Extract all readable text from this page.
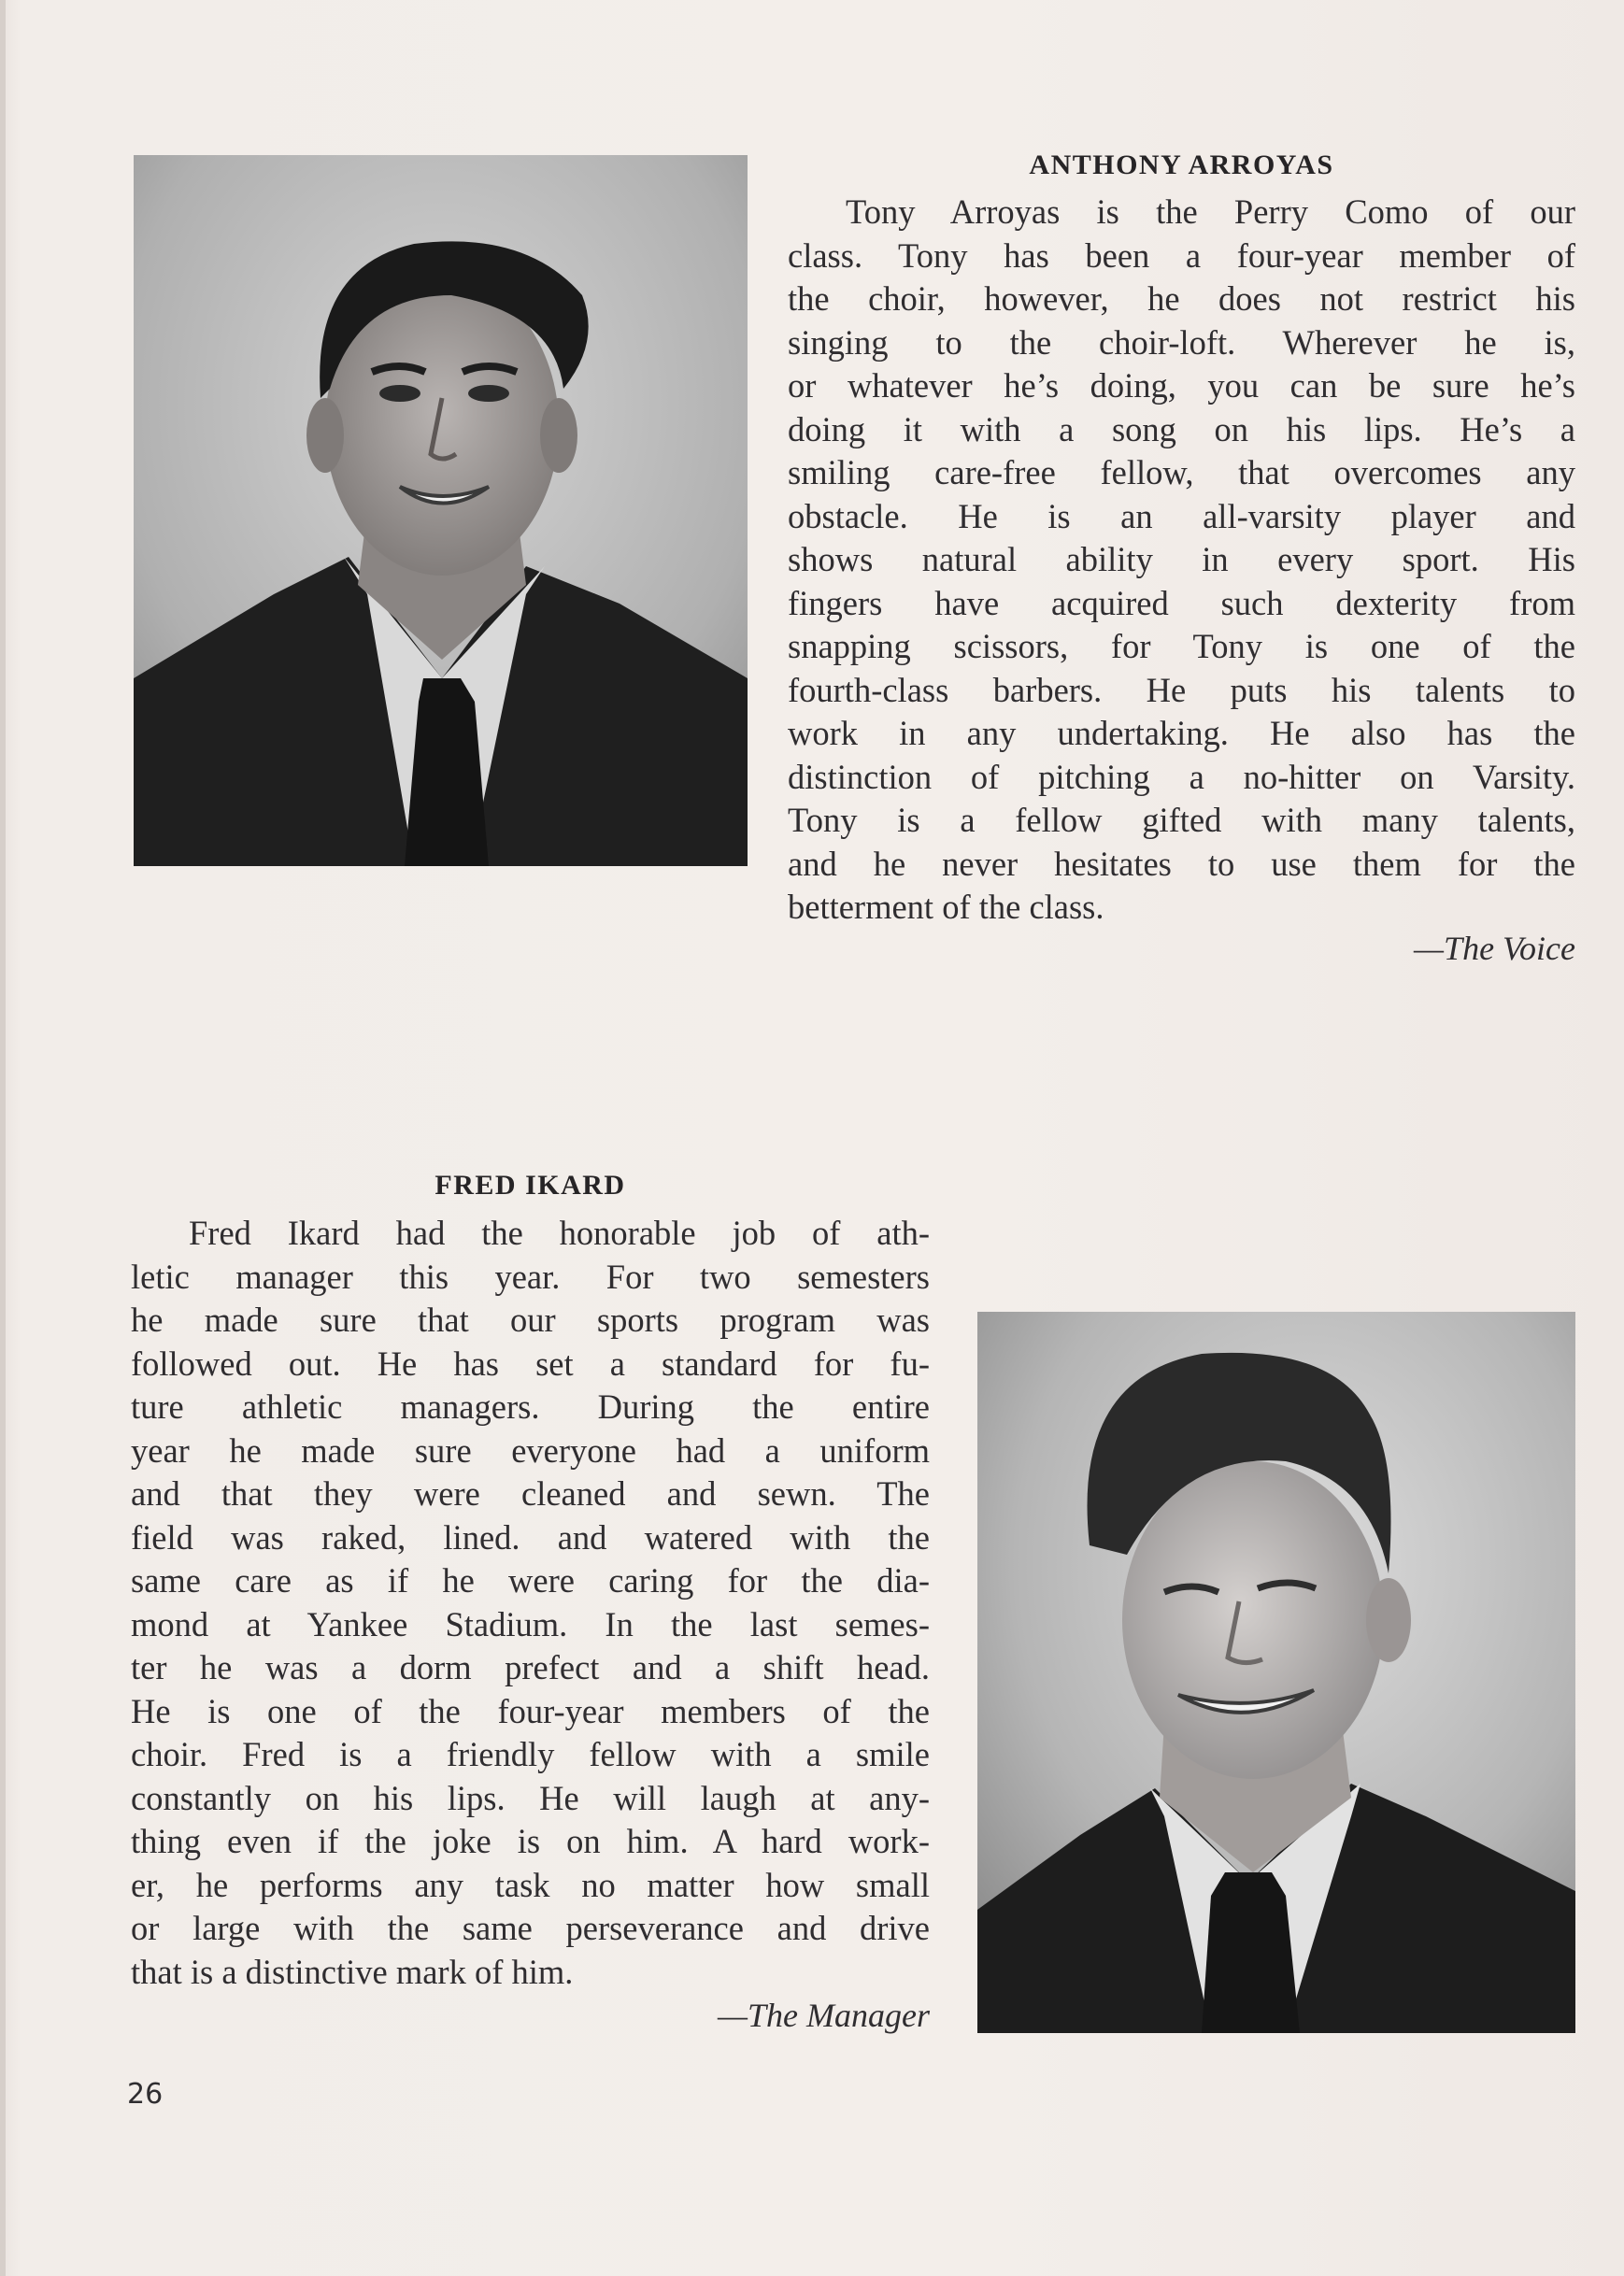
ANTHONY ARROYAS
Tony Arroyas is the Perry Como of our
class. Tony has been a four-year member of
the choir, however, he does not restrict his
singing to the choir-loft. Wherever he is,
or whatever he’s doing, you can be sure he’s
doing it with a song on his lips. He’s a
smiling care-free fellow, that overcomes any
obstacle. He is an all-varsity player and
shows natural ability in every sport. His
fingers have acquired such dexterity from
snapping scissors, for Tony is one of the
fourth-class barbers. He puts his talents to
work in any undertaking. He also has the
distinction of pitching a no-hitter on Varsity.
Tony is a fellow gifted with many talents,
and he never hesitates to use them for the
betterment of the class.

—The Voice

FRED IKARD
Fred Ikard had the honorable job of ath-
letic manager this year. For two semesters
he made sure that our sports program was
followed out. He has set a standard for fu-
ture athletic managers. During the entire
year he made sure everyone had a uniform
and that they were cleaned and sewn. The
field was raked, lined. and watered with the
same care as if he were caring for the dia-
mond at Yankee Stadium. In the last semes-
ter he was a dorm prefect and a shift head.
He is one of the four-year members of the
choir. Fred is a friendly fellow with a smile
constantly on his lips. He will laugh at any-
thing even if the joke is on him. A hard work-
er, he performs any task no matter how small
or large with the same perseverance and drive
that is a distinctive mark of him.

—The Manager

26
